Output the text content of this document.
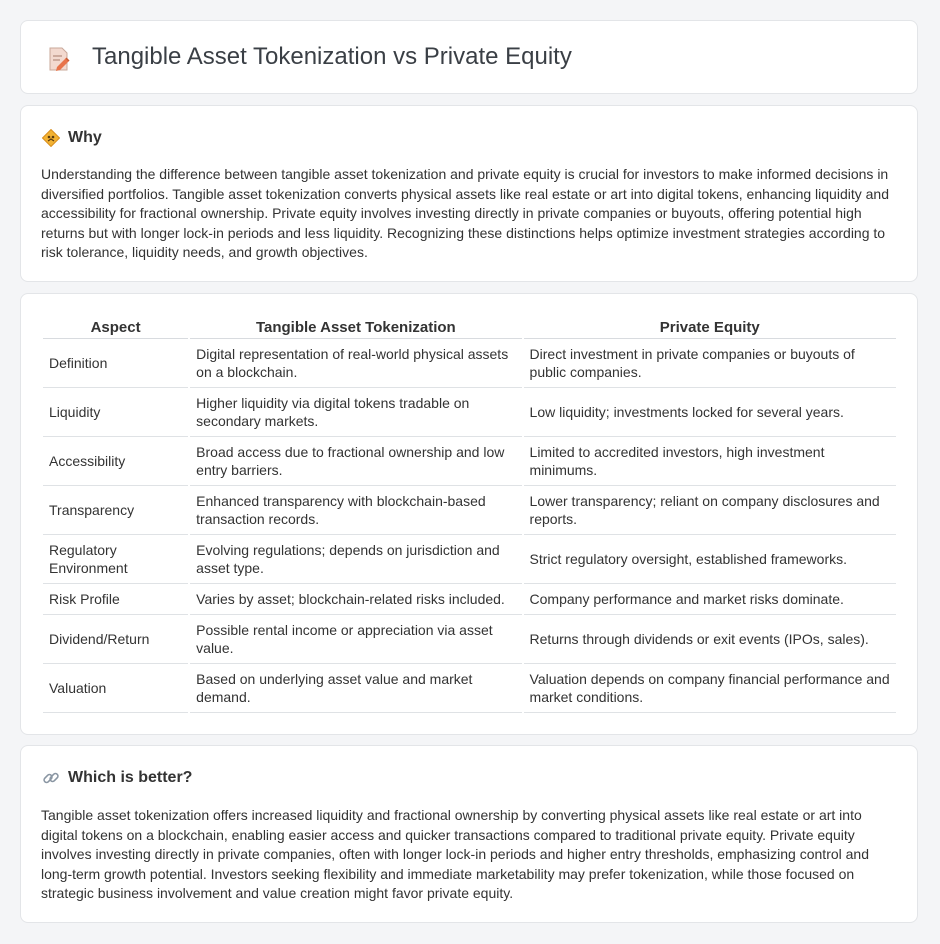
Tangible Asset Tokenization vs Private Equity
Why

Understanding the difference between tangible asset tokenization and private equity is crucial for investors to make informed decisions in diversified portfolios. Tangible asset tokenization converts physical assets like real estate or art into digital tokens, enhancing liquidity and accessibility for fractional ownership. Private equity involves investing directly in private companies or buyouts, offering potential high returns but with longer lock-in periods and less liquidity. Recognizing these distinctions helps optimize investment strategies according to risk tolerance, liquidity needs, and growth objectives.

Aspect	Tangible Asset Tokenization	Private Equity
Definition	Digital representation of real-world physical assets on a blockchain.	Direct investment in private companies or buyouts of public companies.
Liquidity	Higher liquidity via digital tokens tradable on secondary markets.	Low liquidity; investments locked for several years.
Accessibility	Broad access due to fractional ownership and low entry barriers.	Limited to accredited investors, high investment minimums.
Transparency	Enhanced transparency with blockchain-based transaction records.	Lower transparency; reliant on company disclosures and reports.
Regulatory Environment	Evolving regulations; depends on jurisdiction and asset type.	Strict regulatory oversight, established frameworks.
Risk Profile	Varies by asset; blockchain-related risks included.	Company performance and market risks dominate.
Dividend/Return	Possible rental income or appreciation via asset value.	Returns through dividends or exit events (IPOs, sales).
Valuation	Based on underlying asset value and market demand.	Valuation depends on company financial performance and market conditions.
Which is better?

Tangible asset tokenization offers increased liquidity and fractional ownership by converting physical assets like real estate or art into digital tokens on a blockchain, enabling easier access and quicker transactions compared to traditional private equity. Private equity involves investing directly in private companies, often with longer lock-in periods and higher entry thresholds, emphasizing control and long-term growth potential. Investors seeking flexibility and immediate marketability may prefer tokenization, while those focused on strategic business involvement and value creation might favor private equity.
